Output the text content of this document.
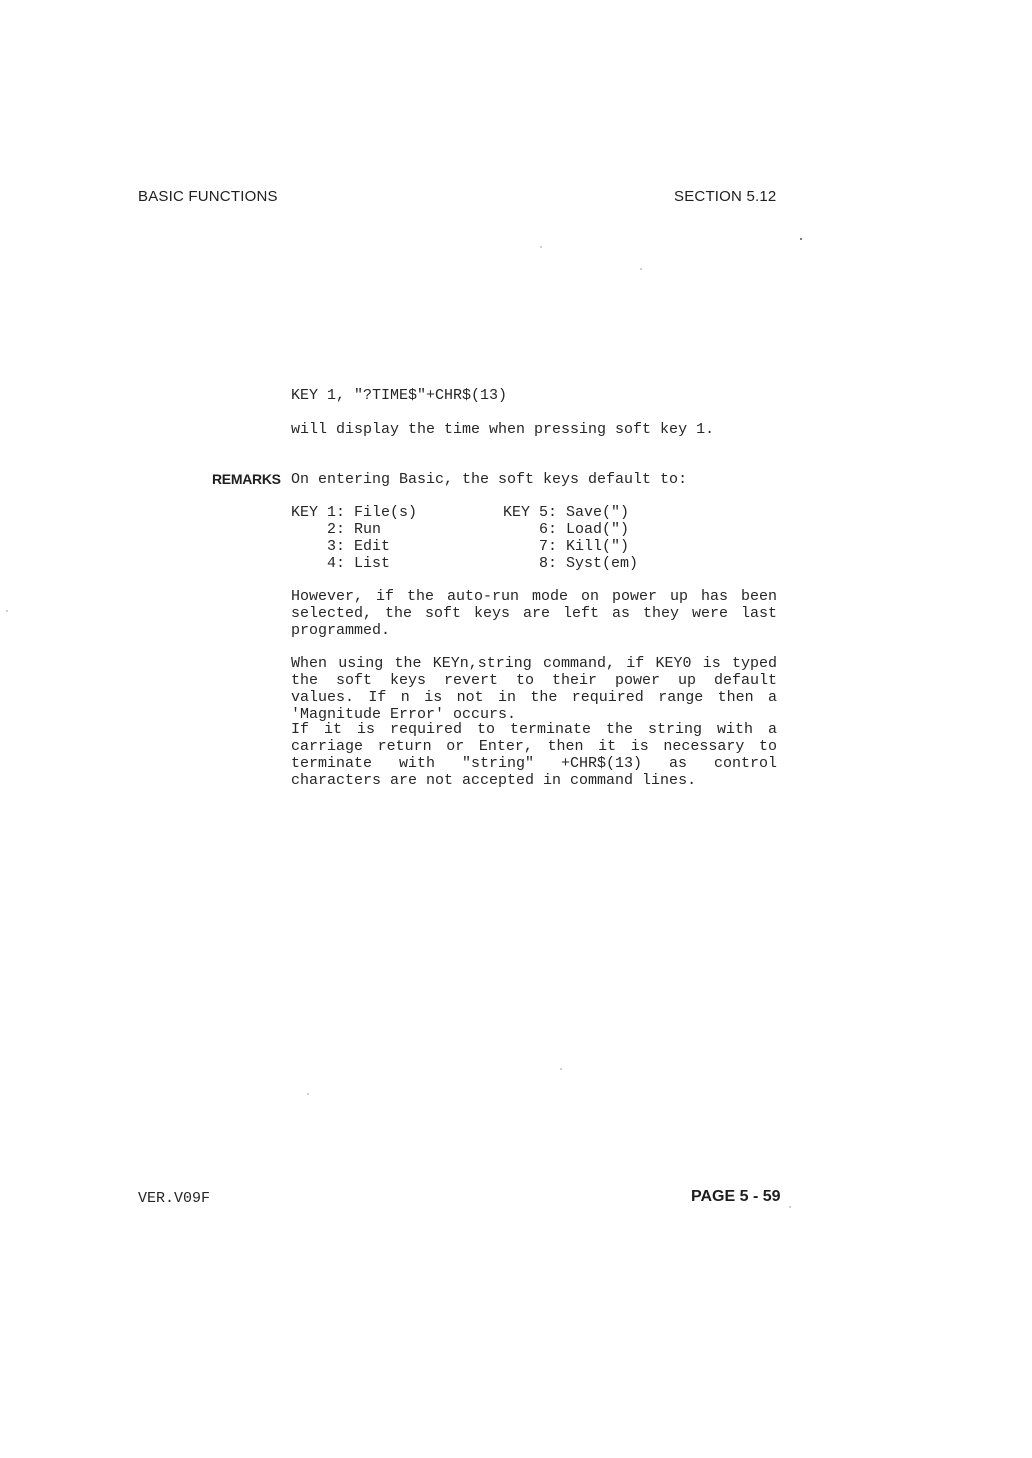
BASIC FUNCTIONS	SECTION 5.12
KEY 1, "?TIME$"+CHR$(13)
will display the time when pressing soft key 1.
REMARKS On entering Basic, the soft keys default to:
KEY 1: File(s)
2: Run
3: Edit
4: List
KEY 5: Save(")
6: Load(")
7: Kill(")
8: Syst(em)

However, if the auto-run mode on power up has been selected, the soft keys are left as they were last programmed.

When using the KEYn,string command, if KEY0 is typed the soft keys revert to their power up default values. If n is not in the required range then a 'Magnitude Error' occurs.

If it is required to terminate the string with a carriage return or Enter, then it is necessary to terminate with "string" +CHR$(13) as control characters are not accepted in command lines.

VER.V09F	PAGE 5 - 59
